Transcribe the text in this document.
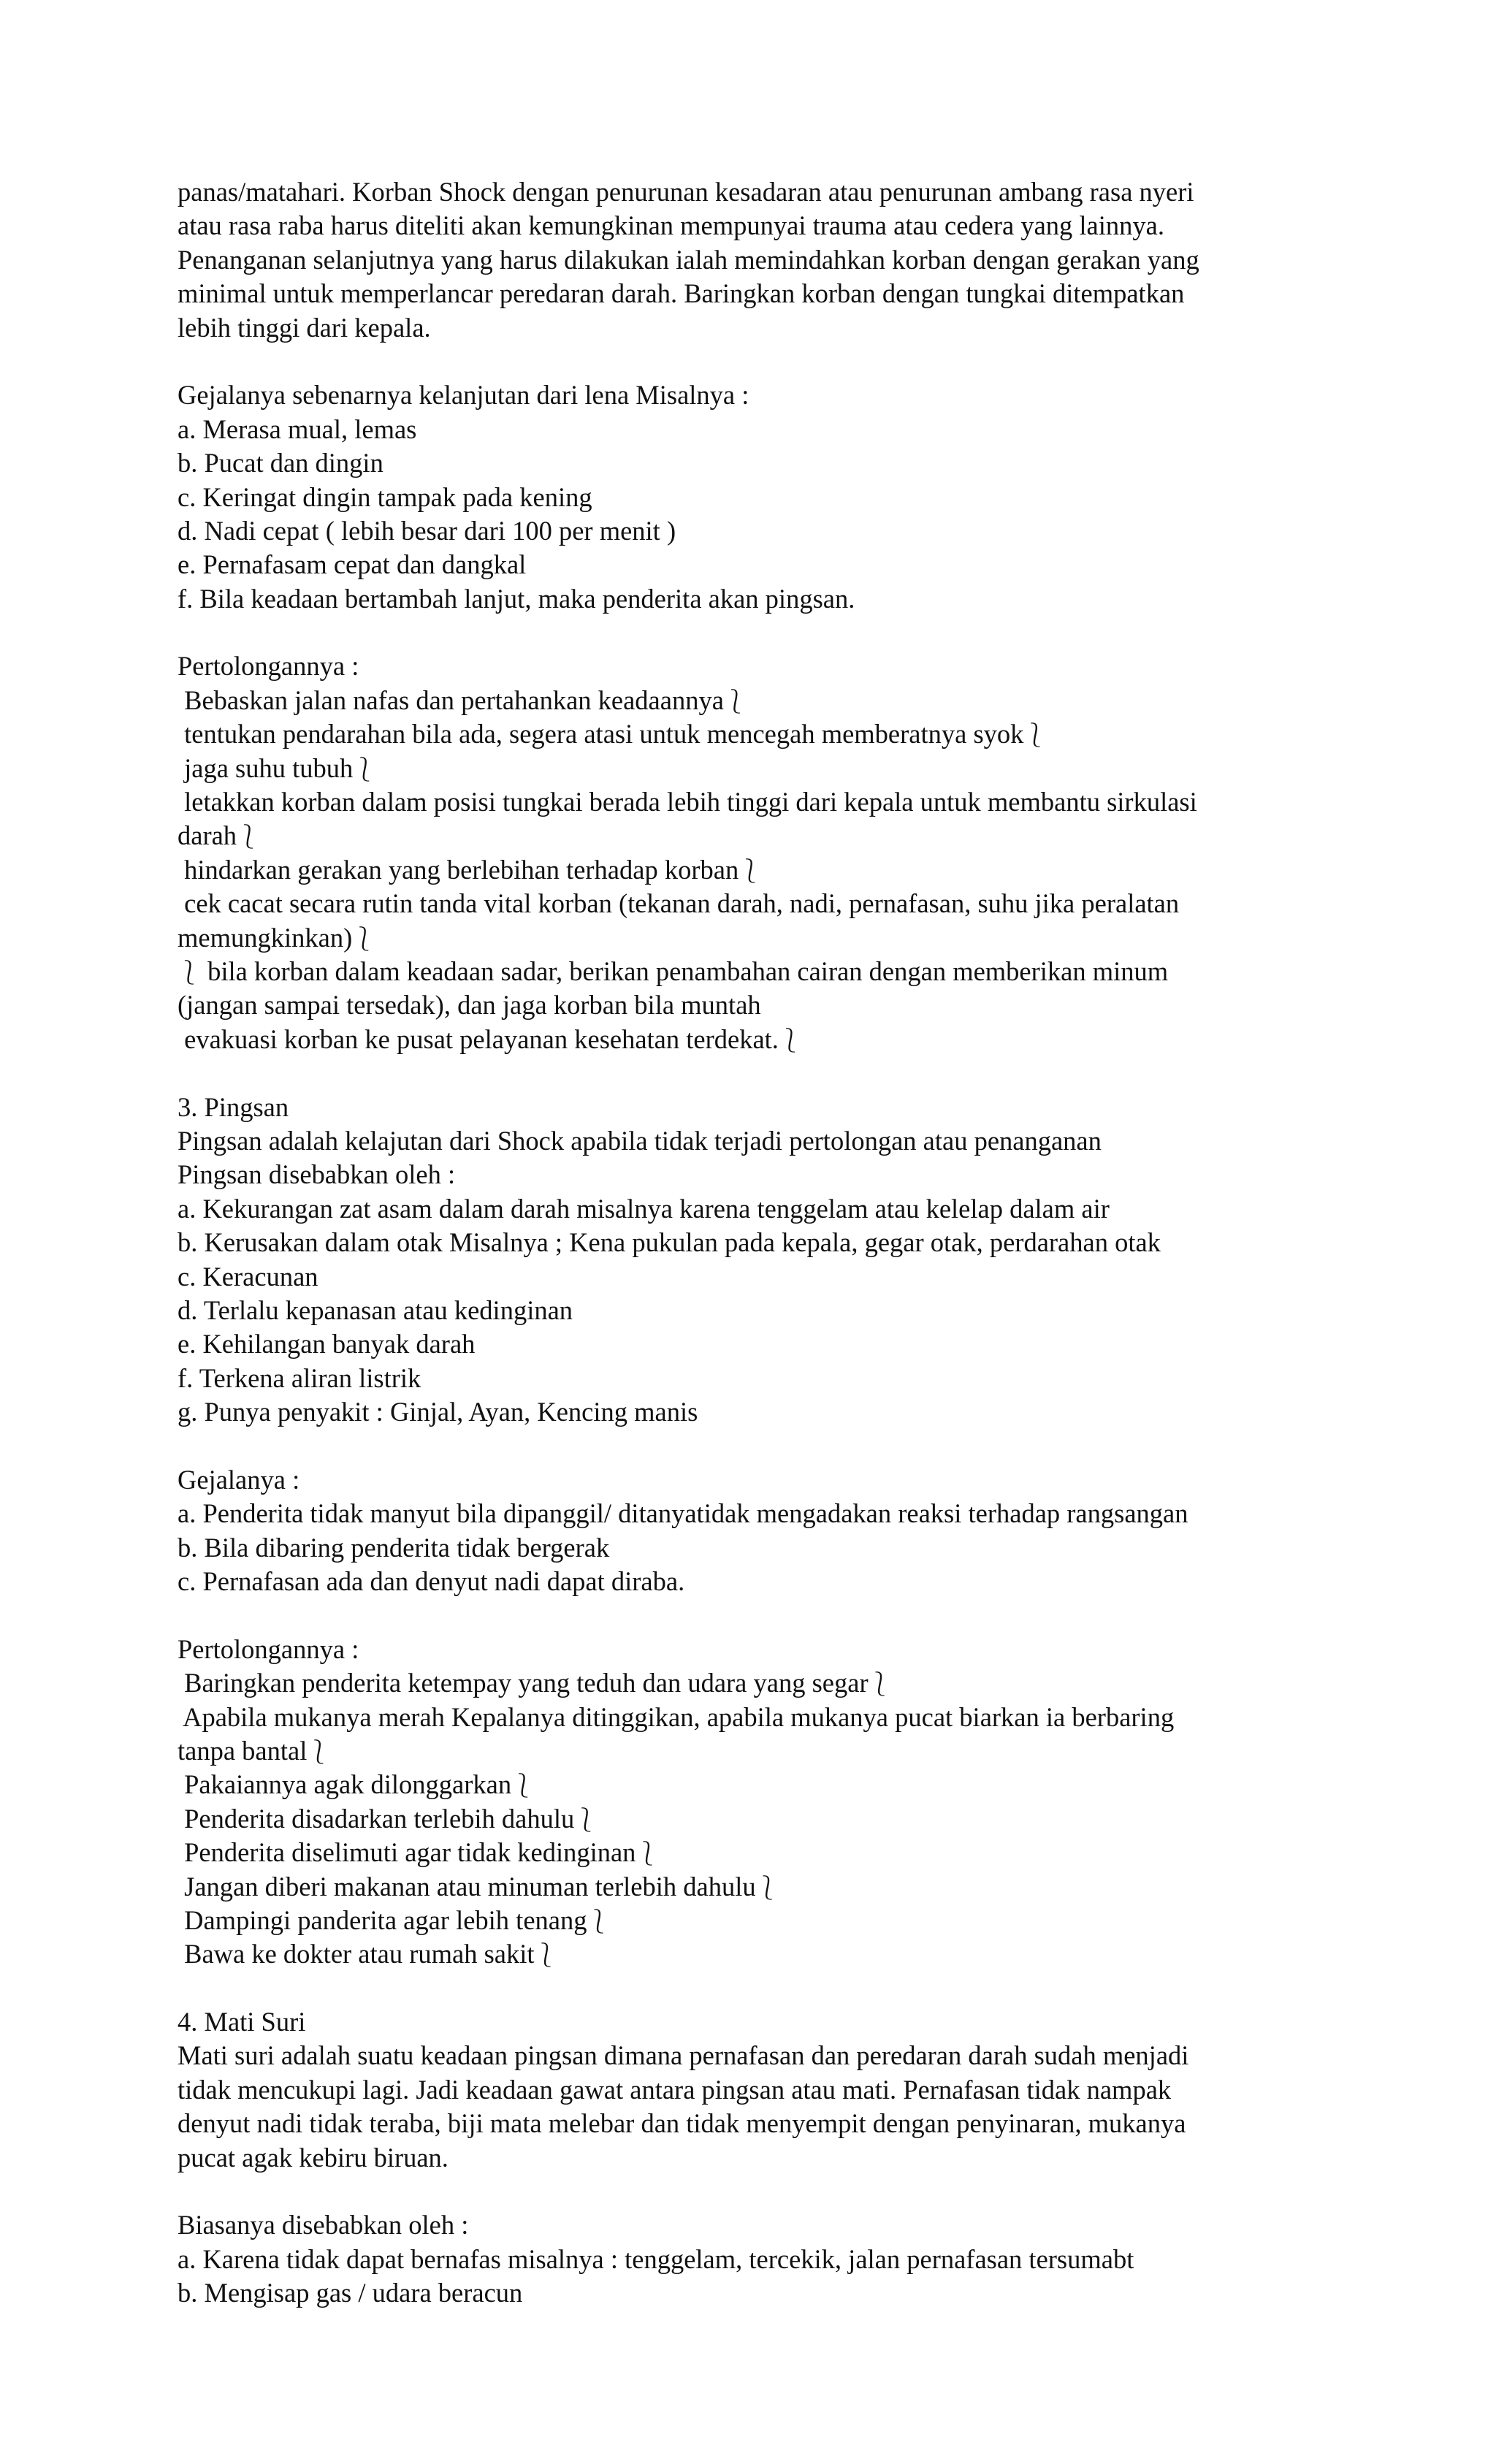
panas/matahari. Korban Shock dengan penurunan kesadaran atau penurunan ambang rasa nyeri
atau rasa raba harus diteliti akan kemungkinan mempunyai trauma atau cedera yang lainnya.
Penanganan selanjutnya yang harus dilakukan ialah memindahkan korban dengan gerakan yang
minimal untuk memperlancar peredaran darah. Baringkan korban dengan tungkai ditempatkan
lebih tinggi dari kepala.
Gejalanya sebenarnya kelanjutan dari lena Misalnya :
a. Merasa mual, lemas
b. Pucat dan dingin
c. Keringat dingin tampak pada kening
d. Nadi cepat ( lebih besar dari 100 per menit )
e. Pernafasam cepat dan dangkal
f. Bila keadaan bertambah lanjut, maka penderita akan pingsan.
Pertolongannya :
Bebaskan jalan nafas dan pertahankan keadaannya⎱
tentukan pendarahan bila ada, segera atasi untuk mencegah memberatnya syok⎱
jaga suhu tubuh⎱
letakkan korban dalam posisi tungkai berada lebih tinggi dari kepala untuk membantu sirkulasi
darah⎱
hindarkan gerakan yang berlebihan terhadap korban⎱
cek cacat secara rutin tanda vital korban (tekanan darah, nadi, pernafasan, suhu jika peralatan
memungkinkan)⎱
⎱ bila korban dalam keadaan sadar, berikan penambahan cairan dengan memberikan minum
(jangan sampai tersedak), dan jaga korban bila muntah
evakuasi korban ke pusat pelayanan kesehatan terdekat.⎱
3. Pingsan
Pingsan adalah kelajutan dari Shock apabila tidak terjadi pertolongan atau penanganan
Pingsan disebabkan oleh :
a. Kekurangan zat asam dalam darah misalnya karena tenggelam atau kelelap dalam air
b. Kerusakan dalam otak Misalnya ; Kena pukulan pada kepala, gegar otak, perdarahan otak
c. Keracunan
d. Terlalu kepanasan atau kedinginan
e. Kehilangan banyak darah
f. Terkena aliran listrik
g. Punya penyakit : Ginjal, Ayan, Kencing manis
Gejalanya :
a. Penderita tidak manyut bila dipanggil/ ditanyatidak mengadakan reaksi terhadap rangsangan
b. Bila dibaring penderita tidak bergerak
c. Pernafasan ada dan denyut nadi dapat diraba.
Pertolongannya :
Baringkan penderita ketempay yang teduh dan udara yang segar⎱
Apabila mukanya merah Kepalanya ditinggikan, apabila mukanya pucat biarkan ia berbaring
tanpa bantal⎱
Pakaiannya agak dilonggarkan⎱
Penderita disadarkan terlebih dahulu⎱
Penderita diselimuti agar tidak kedinginan⎱
Jangan diberi makanan atau minuman terlebih dahulu⎱
Dampingi panderita agar lebih tenang⎱
Bawa ke dokter atau rumah sakit⎱
4. Mati Suri
Mati suri adalah suatu keadaan pingsan dimana pernafasan dan peredaran darah sudah menjadi
tidak mencukupi lagi. Jadi keadaan gawat antara pingsan atau mati. Pernafasan tidak nampak
denyut nadi tidak teraba, biji mata melebar dan tidak menyempit dengan penyinaran, mukanya
pucat agak kebiru biruan.
Biasanya disebabkan oleh :
a. Karena tidak dapat bernafas misalnya : tenggelam, tercekik, jalan pernafasan tersumabt
b. Mengisap gas / udara beracun
